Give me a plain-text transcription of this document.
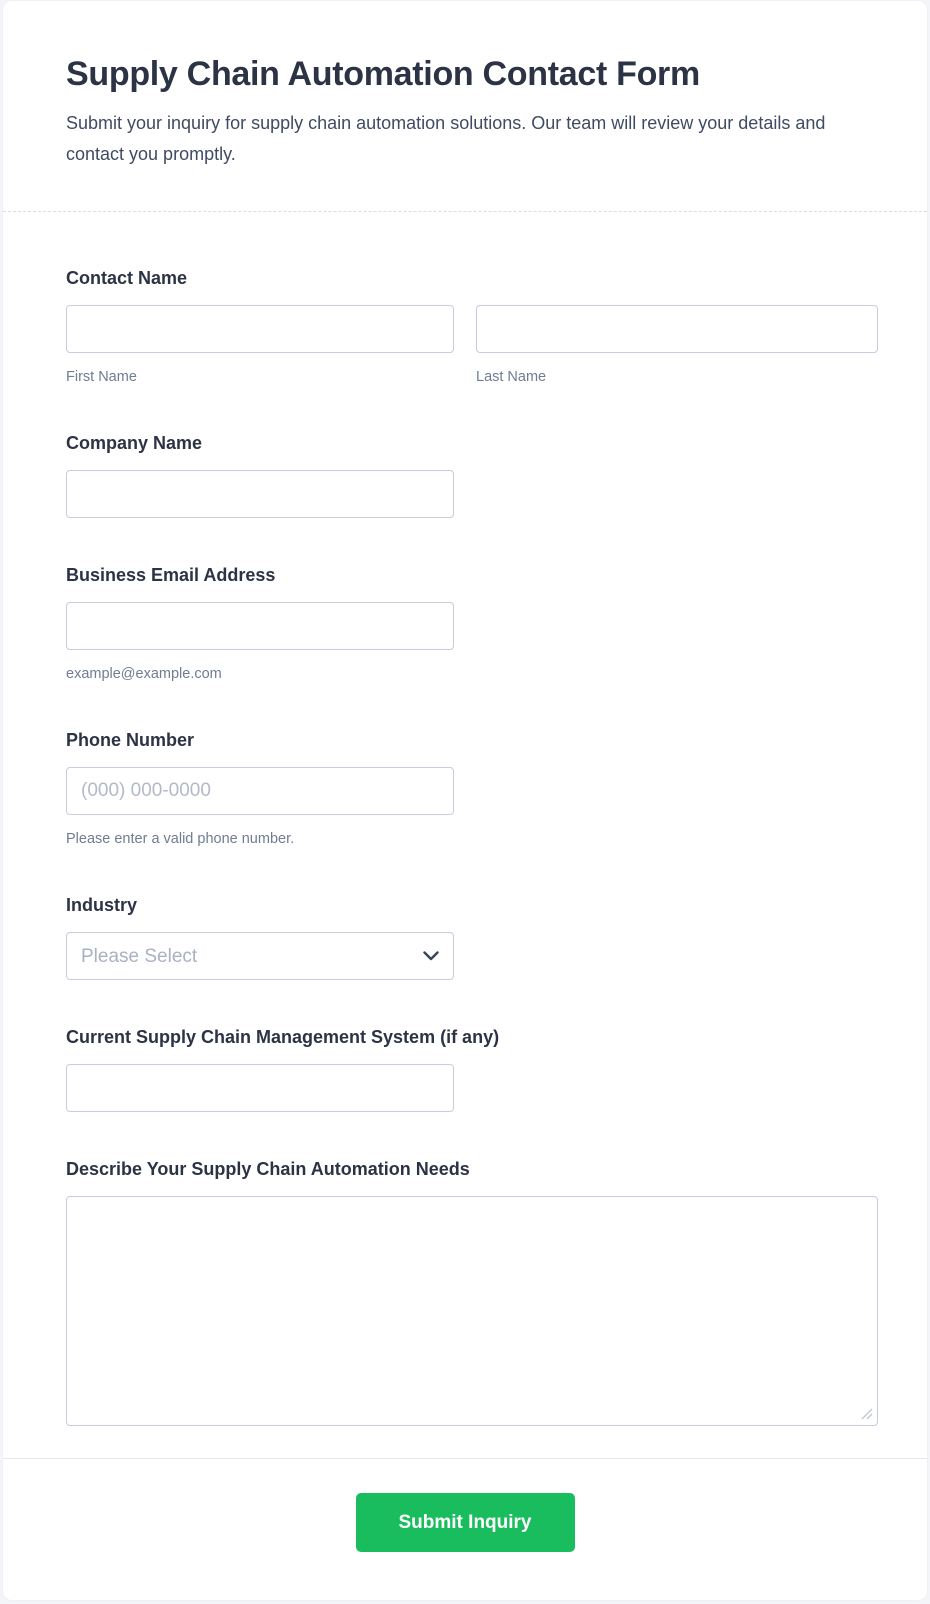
Supply Chain Automation Contact Form

Submit your inquiry for supply chain automation solutions. Our team will review your details and contact you promptly.

Contact Name
First Name	Last Name
Company Name
Business Email Address
example@example.com
Phone Number
(000) 000-0000
Please enter a valid phone number.
Industry
Please Select
Current Supply Chain Management System (if any)
Describe Your Supply Chain Automation Needs
Submit Inquiry
